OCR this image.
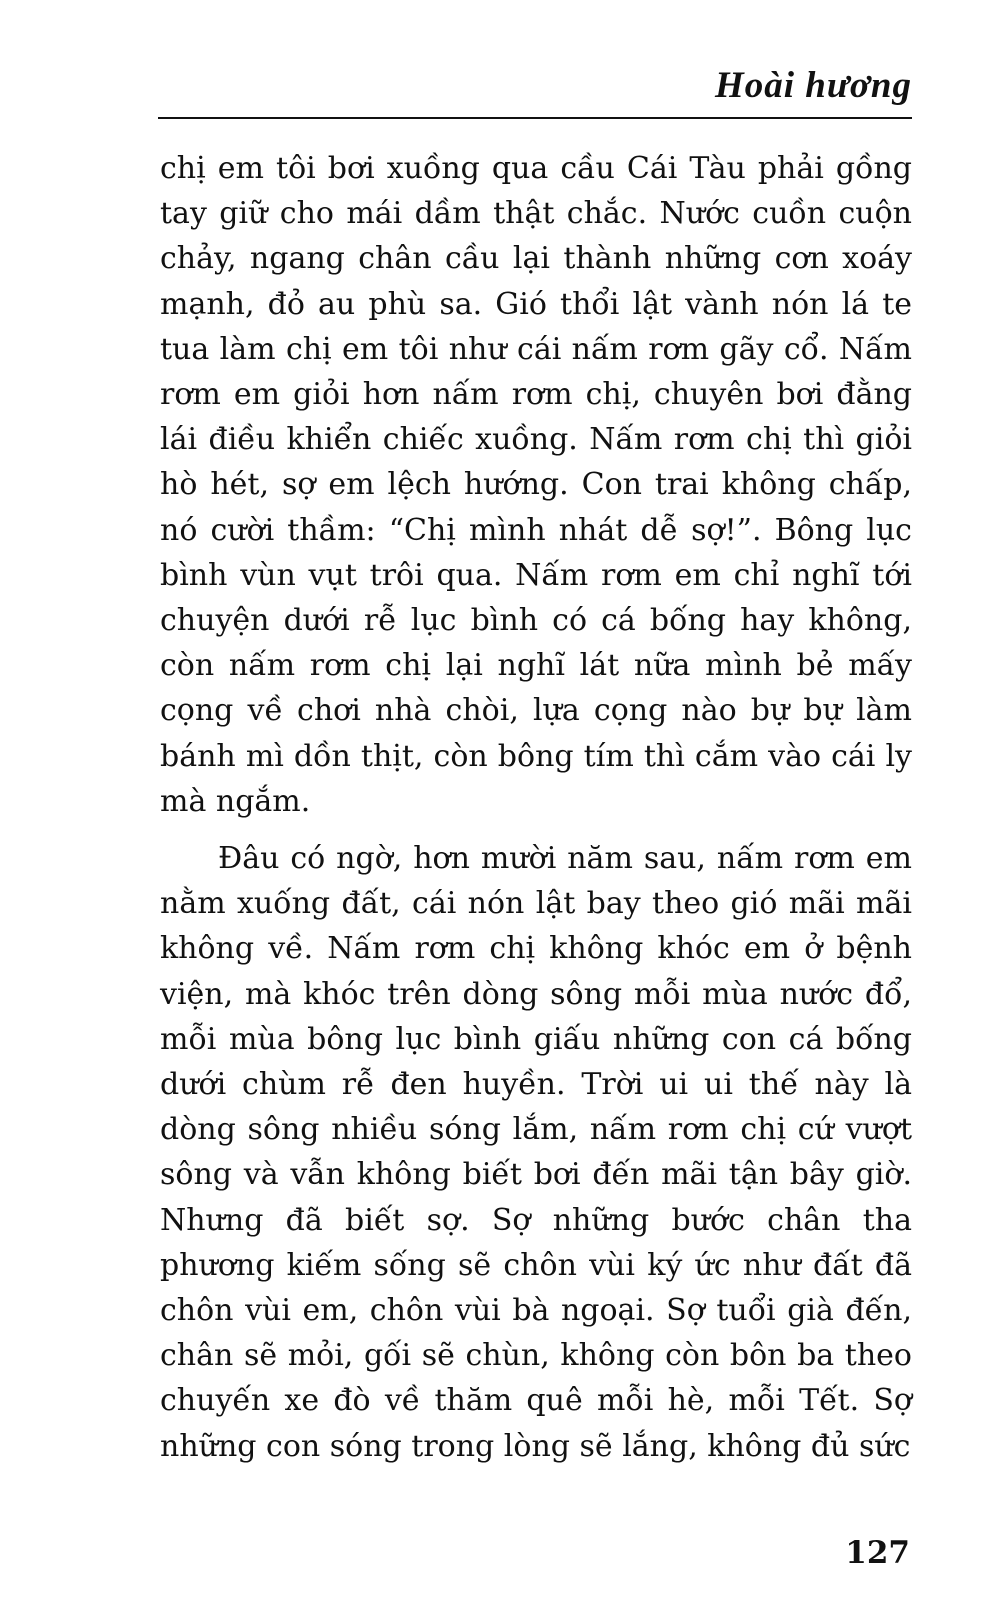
Hoài hương

chị em tôi bơi xuồng qua cầu Cái Tàu phải gồng tay giữ cho mái dầm thật chắc. Nước cuồn cuộn chảy, ngang chân cầu lại thành những cơn xoáy mạnh, đỏ au phù sa. Gió thổi lật vành nón lá te tua làm chị em tôi như cái nấm rơm gãy cổ. Nấm rơm em giỏi hơn nấm rơm chị, chuyên bơi đằng lái điều khiển chiếc xuồng. Nấm rơm chị thì giỏi hò hét, sợ em lệch hướng. Con trai không chấp, nó cười thầm: “Chị mình nhát dễ sợ!”. Bông lục bình vùn vụt trôi qua. Nấm rơm em chỉ nghĩ tới chuyện dưới rễ lục bình có cá bống hay không, còn nấm rơm chị lại nghĩ lát nữa mình bẻ mấy cọng về chơi nhà chòi, lựa cọng nào bự bự làm bánh mì dồn thịt, còn bông tím thì cắm vào cái ly mà ngắm.

Đâu có ngờ, hơn mười năm sau, nấm rơm em nằm xuống đất, cái nón lật bay theo gió mãi mãi không về. Nấm rơm chị không khóc em ở bệnh viện, mà khóc trên dòng sông mỗi mùa nước đổ, mỗi mùa bông lục bình giấu những con cá bống dưới chùm rễ đen huyền. Trời ui ui thế này là dòng sông nhiều sóng lắm, nấm rơm chị cứ vượt sông và vẫn không biết bơi đến mãi tận bây giờ. Nhưng đã biết sợ. Sợ những bước chân tha phương kiếm sống sẽ chôn vùi ký ức như đất đã chôn vùi em, chôn vùi bà ngoại. Sợ tuổi già đến, chân sẽ mỏi, gối sẽ chùn, không còn bôn ba theo chuyến xe đò về thăm quê mỗi hè, mỗi Tết. Sợ những con sóng trong lòng sẽ lắng, không đủ sức

127
